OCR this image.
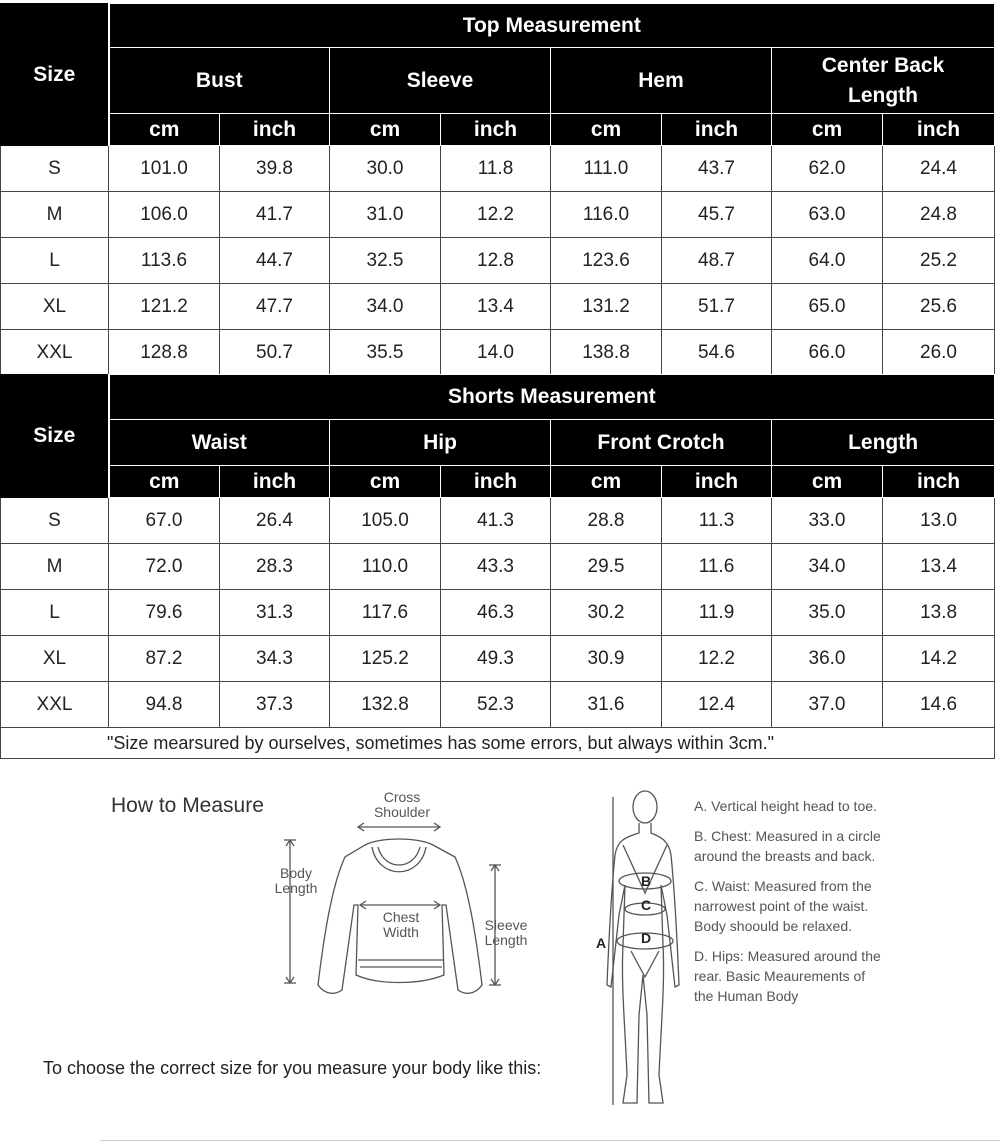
Size	Top Measurement							
	Bust		Sleeve		Hem		Center Back Length	
	cm	inch	cm	inch	cm	inch	cm	inch
S	101.0	39.8	30.0	11.8	111.0	43.7	62.0	24.4
M	106.0	41.7	31.0	12.2	116.0	45.7	63.0	24.8
L	113.6	44.7	32.5	12.8	123.6	48.7	64.0	25.2
XL	121.2	47.7	34.0	13.4	131.2	51.7	65.0	25.6
XXL	128.8	50.7	35.5	14.0	138.8	54.6	66.0	26.0
Size	Shorts Measurement							
	Waist		Hip		Front Crotch		Length	
	cm	inch	cm	inch	cm	inch	cm	inch
S	67.0	26.4	105.0	41.3	28.8	11.3	33.0	13.0
M	72.0	28.3	110.0	43.3	29.5	11.6	34.0	13.4
L	79.6	31.3	117.6	46.3	30.2	11.9	35.0	13.8
XL	87.2	34.3	125.2	49.3	30.9	12.2	36.0	14.2
XXL	94.8	37.3	132.8	52.3	31.6	12.4	37.0	14.6
"Size mearsured by ourselves, sometimes has some errors, but always within 3cm."
How to Measure	Cross
Shoulder
Body
Length
Chest
Width	Sleeve
Length
To choose the correct size for you measure your body like this:
A
B
C
D
A. Vertical height head to toe.
B. Chest: Measured in a circle around the breasts and back.
C. Waist: Measured from the narrowest point of the waist. Body shoould be relaxed.
D. Hips: Measured around the rear. Basic Meaurements of the Human Body
